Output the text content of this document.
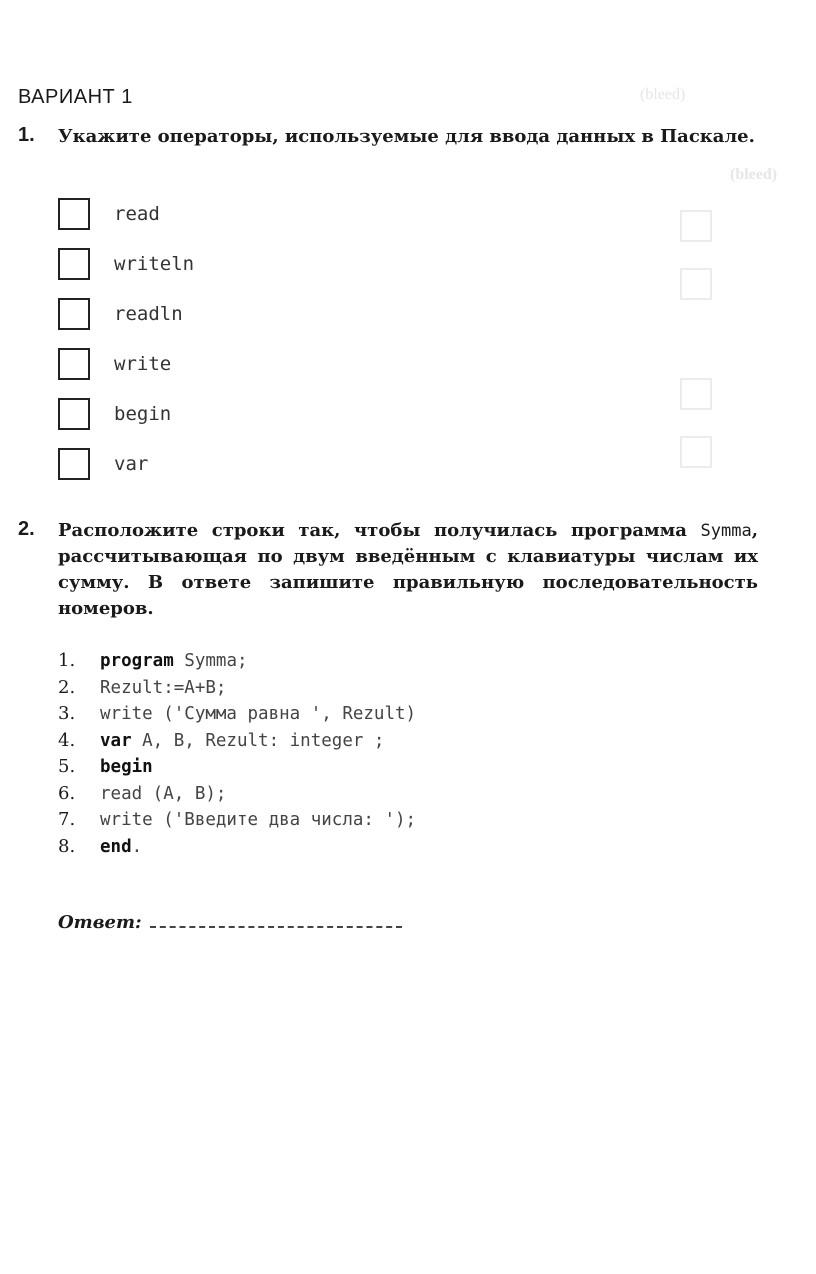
(bleed)
(bleed)
ВАРИАНТ 1
1. Укажите операторы, используемые для ввода данных в Паскале.
read
writeln
readln
write
begin
var
2. Расположите строки так, чтобы получилась программа Symma, рассчитывающая по двум введённым с клавиатуры числам их сумму. В ответе запишите правильную последовательность номеров.
1. program Symma;
2. Rezult:=A+B;
3. write ('Сумма равна ', Rezult)
4. var A, B, Rezult: integer ;
5. begin
6. read (A, B);
7. write ('Введите два числа: ');
8. end.
Ответ:
